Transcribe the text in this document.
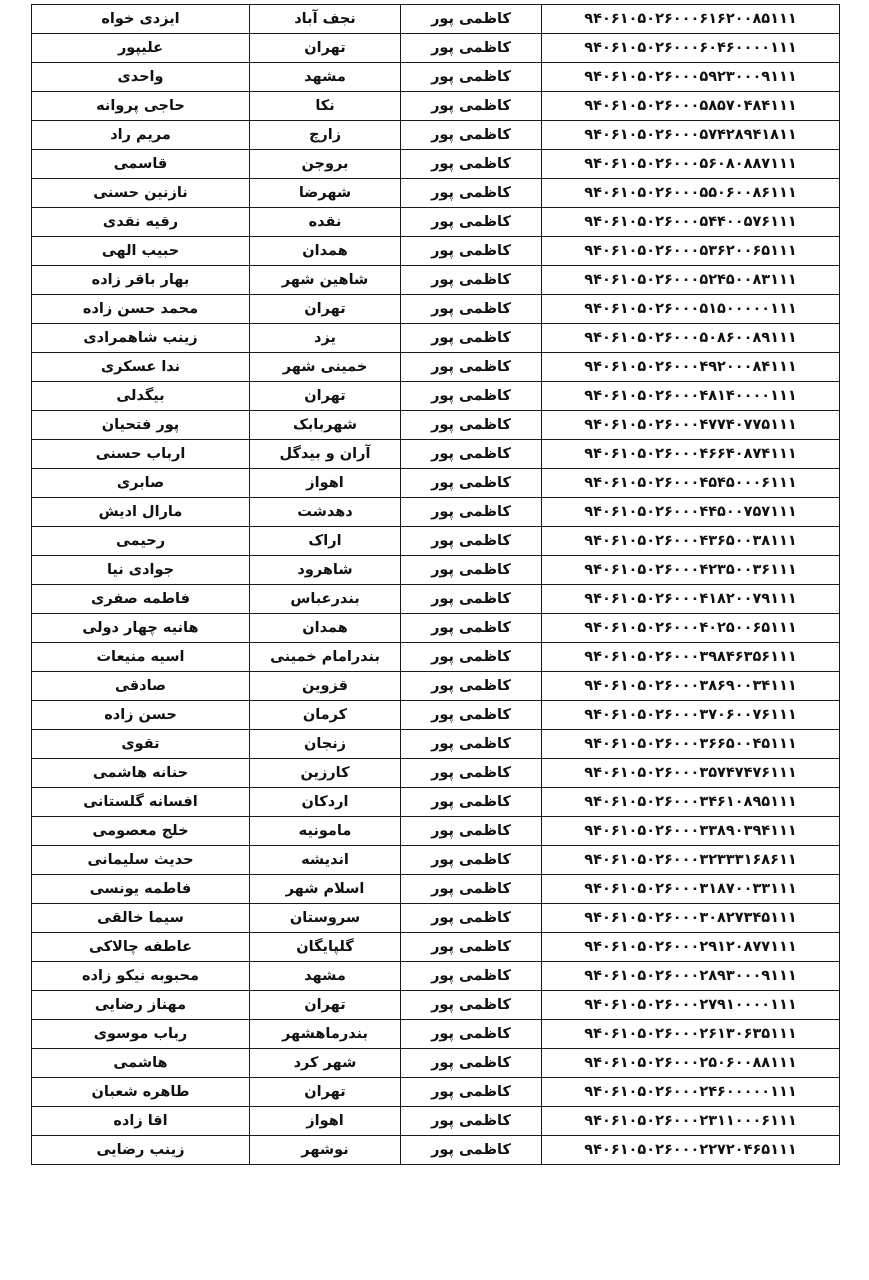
ایزدی خواه	نجف آباد	کاظمی پور	۹۴۰۶۱۰۵۰۲۶۰۰۰۶۱۶۲۰۰۸۵۱۱۱
علیپور	تهران	کاظمی پور	۹۴۰۶۱۰۵۰۲۶۰۰۰۶۰۴۶۰۰۰۰۱۱۱
واحدی	مشهد	کاظمی پور	۹۴۰۶۱۰۵۰۲۶۰۰۰۵۹۲۳۰۰۰۹۱۱۱
حاجی پروانه	نکا	کاظمی پور	۹۴۰۶۱۰۵۰۲۶۰۰۰۵۸۵۷۰۴۸۴۱۱۱
مریم راد	زارچ	کاظمی پور	۹۴۰۶۱۰۵۰۲۶۰۰۰۵۷۴۲۸۹۴۱۸۱۱
قاسمی	بروجن	کاظمی پور	۹۴۰۶۱۰۵۰۲۶۰۰۰۵۶۰۸۰۸۸۷۱۱۱
نازنین حسنی	شهرضا	کاظمی پور	۹۴۰۶۱۰۵۰۲۶۰۰۰۵۵۰۶۰۰۸۶۱۱۱
رقیه نقدی	نقده	کاظمی پور	۹۴۰۶۱۰۵۰۲۶۰۰۰۵۴۴۰۰۵۷۶۱۱۱
حبیب الهی	همدان	کاظمی پور	۹۴۰۶۱۰۵۰۲۶۰۰۰۵۳۶۲۰۰۶۵۱۱۱
بهار باقر زاده	شاهین شهر	کاظمی پور	۹۴۰۶۱۰۵۰۲۶۰۰۰۵۲۴۵۰۰۸۳۱۱۱
محمد حسن زاده	تهران	کاظمی پور	۹۴۰۶۱۰۵۰۲۶۰۰۰۵۱۵۰۰۰۰۰۱۱۱
زینب شاهمرادی	یزد	کاظمی پور	۹۴۰۶۱۰۵۰۲۶۰۰۰۵۰۸۶۰۰۸۹۱۱۱
ندا عسکری	خمینی شهر	کاظمی پور	۹۴۰۶۱۰۵۰۲۶۰۰۰۴۹۲۰۰۰۸۴۱۱۱
بیگدلی	تهران	کاظمی پور	۹۴۰۶۱۰۵۰۲۶۰۰۰۴۸۱۴۰۰۰۰۱۱۱
پور فتحیان	شهربابک	کاظمی پور	۹۴۰۶۱۰۵۰۲۶۰۰۰۴۷۷۴۰۷۷۵۱۱۱
ارباب حسنی	آران و بیدگل	کاظمی پور	۹۴۰۶۱۰۵۰۲۶۰۰۰۴۶۶۴۰۸۷۴۱۱۱
صابری	اهواز	کاظمی پور	۹۴۰۶۱۰۵۰۲۶۰۰۰۴۵۴۵۰۰۰۶۱۱۱
مارال ادیش	دهدشت	کاظمی پور	۹۴۰۶۱۰۵۰۲۶۰۰۰۴۴۵۰۰۷۵۷۱۱۱
رحیمی	اراک	کاظمی پور	۹۴۰۶۱۰۵۰۲۶۰۰۰۴۳۶۵۰۰۳۸۱۱۱
جوادی نیا	شاهرود	کاظمی پور	۹۴۰۶۱۰۵۰۲۶۰۰۰۴۲۳۵۰۰۳۶۱۱۱
فاطمه صفری	بندرعباس	کاظمی پور	۹۴۰۶۱۰۵۰۲۶۰۰۰۴۱۸۲۰۰۷۹۱۱۱
هانیه چهار دولی	همدان	کاظمی پور	۹۴۰۶۱۰۵۰۲۶۰۰۰۴۰۲۵۰۰۶۵۱۱۱
اسیه منیعات	بندرامام خمینی	کاظمی پور	۹۴۰۶۱۰۵۰۲۶۰۰۰۳۹۸۴۶۳۵۶۱۱۱
صادقی	قزوین	کاظمی پور	۹۴۰۶۱۰۵۰۲۶۰۰۰۳۸۶۹۰۰۳۴۱۱۱
حسن زاده	کرمان	کاظمی پور	۹۴۰۶۱۰۵۰۲۶۰۰۰۳۷۰۶۰۰۷۶۱۱۱
تقوی	زنجان	کاظمی پور	۹۴۰۶۱۰۵۰۲۶۰۰۰۳۶۶۵۰۰۴۵۱۱۱
حنانه هاشمی	کارزین	کاظمی پور	۹۴۰۶۱۰۵۰۲۶۰۰۰۳۵۷۴۷۴۷۶۱۱۱
افسانه گلستانی	اردکان	کاظمی پور	۹۴۰۶۱۰۵۰۲۶۰۰۰۳۴۶۱۰۸۹۵۱۱۱
خلج معصومی	مامونیه	کاظمی پور	۹۴۰۶۱۰۵۰۲۶۰۰۰۳۳۸۹۰۳۹۴۱۱۱
حدیث سلیمانی	اندیشه	کاظمی پور	۹۴۰۶۱۰۵۰۲۶۰۰۰۳۲۳۳۳۱۶۸۶۱۱
فاطمه یونسی	اسلام شهر	کاظمی پور	۹۴۰۶۱۰۵۰۲۶۰۰۰۳۱۸۷۰۰۳۳۱۱۱
سیما خالقی	سروستان	کاظمی پور	۹۴۰۶۱۰۵۰۲۶۰۰۰۳۰۸۲۷۳۴۵۱۱۱
عاطفه چالاکی	گلپایگان	کاظمی پور	۹۴۰۶۱۰۵۰۲۶۰۰۰۲۹۱۲۰۸۷۷۱۱۱
محبوبه نیکو زاده	مشهد	کاظمی پور	۹۴۰۶۱۰۵۰۲۶۰۰۰۲۸۹۳۰۰۰۹۱۱۱
مهناز رضایی	تهران	کاظمی پور	۹۴۰۶۱۰۵۰۲۶۰۰۰۲۷۹۱۰۰۰۰۱۱۱
رباب موسوی	بندرماهشهر	کاظمی پور	۹۴۰۶۱۰۵۰۲۶۰۰۰۲۶۱۳۰۶۳۵۱۱۱
هاشمی	شهر کرد	کاظمی پور	۹۴۰۶۱۰۵۰۲۶۰۰۰۲۵۰۶۰۰۸۸۱۱۱
طاهره شعبان	تهران	کاظمی پور	۹۴۰۶۱۰۵۰۲۶۰۰۰۲۴۶۰۰۰۰۰۱۱۱
اقا زاده	اهواز	کاظمی پور	۹۴۰۶۱۰۵۰۲۶۰۰۰۲۳۱۱۰۰۰۶۱۱۱
زینب رضایی	نوشهر	کاظمی پور	۹۴۰۶۱۰۵۰۲۶۰۰۰۲۲۷۲۰۴۶۵۱۱۱
